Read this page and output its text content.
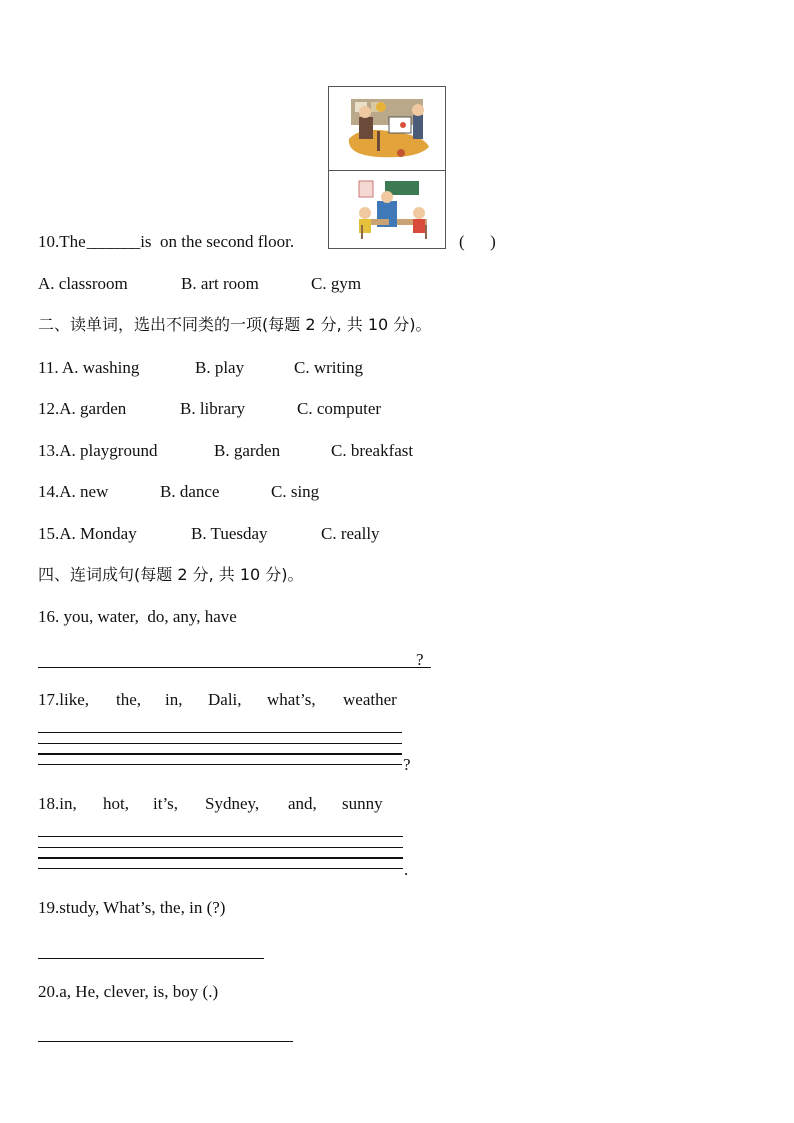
10.The_______is  on the second floor.	(      )
A. classroom	B. art room	C. gym
二、读单词，选出不同类的一项(每题 2 分, 共 10 分)。
11. A. washing	B. play	C. writing
12.A. garden	B. library	C. computer
13.A. playground	B. garden	C. breakfast
14.A. new	B. dance	C. sing
15.A. Monday	B. Tuesday	C. really
四、连词成句(每题 2 分, 共 10 分)。
16. you, water,  do, any, have
?
17.like, the, in, Dali, what’s, weather
?
18.in, hot, it’s, Sydney, and, sunny
.
19.study, What’s, the, in (?)
20.a, He, clever, is, boy (.)
